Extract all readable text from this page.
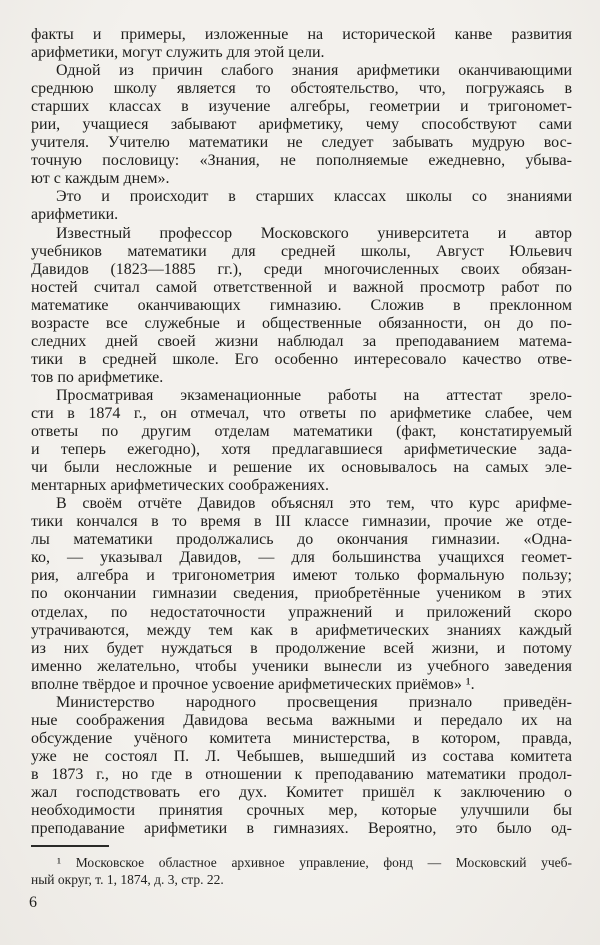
факты и примеры, изложенные на исторической канве развития
арифметики, могут служить для этой цели.
Одной из причин слабого знания арифметики оканчивающими
среднюю школу является то обстоятельство, что, погружаясь в
старших классах в изучение алгебры, геометрии и тригономет-
рии, учащиеся забывают арифметику, чему способствуют сами
учителя. Учителю математики не следует забывать мудрую вос-
точную пословицу: «Знания, не пополняемые ежедневно, убыва-
ют с каждым днем».
Это и происходит в старших классах школы со знаниями
арифметики.
Известный профессор Московского университета и автор
учебников математики для средней школы, Август Юльевич
Давидов (1823—1885 гг.), среди многочисленных своих обязан-
ностей считал самой ответственной и важной просмотр работ по
математике оканчивающих гимназию. Сложив в преклонном
возрасте все служебные и общественные обязанности, он до по-
следних дней своей жизни наблюдал за преподаванием матема-
тики в средней школе. Его особенно интересовало качество отве-
тов по арифметике.
Просматривая экзаменационные работы на аттестат зрело-
сти в 1874 г., он отмечал, что ответы по арифметике слабее, чем
ответы по другим отделам математики (факт, констатируемый
и теперь ежегодно), хотя предлагавшиеся арифметические зада-
чи были несложные и решение их основывалось на самых эле-
ментарных арифметических соображениях.
В своём отчёте Давидов объяснял это тем, что курс арифме-
тики кончался в то время в III классе гимназии, прочие же отде-
лы математики продолжались до окончания гимназии. «Одна-
ко, — указывал Давидов, — для большинства учащихся геомет-
рия, алгебра и тригонометрия имеют только формальную пользу;
по окончании гимназии сведения, приобретённые учеником в этих
отделах, по недостаточности упражнений и приложений скоро
утрачиваются, между тем как в арифметических знаниях каждый
из них будет нуждаться в продолжение всей жизни, и потому
именно желательно, чтобы ученики вынесли из учебного заведения
вполне твёрдое и прочное усвоение арифметических приёмов» ¹.
Министерство народного просвещения признало приведён-
ные соображения Давидова весьма важными и передало их на
обсуждение учёного комитета министерства, в котором, правда,
уже не состоял П. Л. Чебышев, вышедший из состава комитета
в 1873 г., но где в отношении к преподаванию математики продол-
жал господствовать его дух. Комитет пришёл к заключению о
необходимости принятия срочных мер, которые улучшили бы
преподавание арифметики в гимназиях. Вероятно, это было од-
¹ Московское областное архивное управление, фонд — Московский учеб-
ный округ, т. 1, 1874, д. 3, стр. 22.
6
